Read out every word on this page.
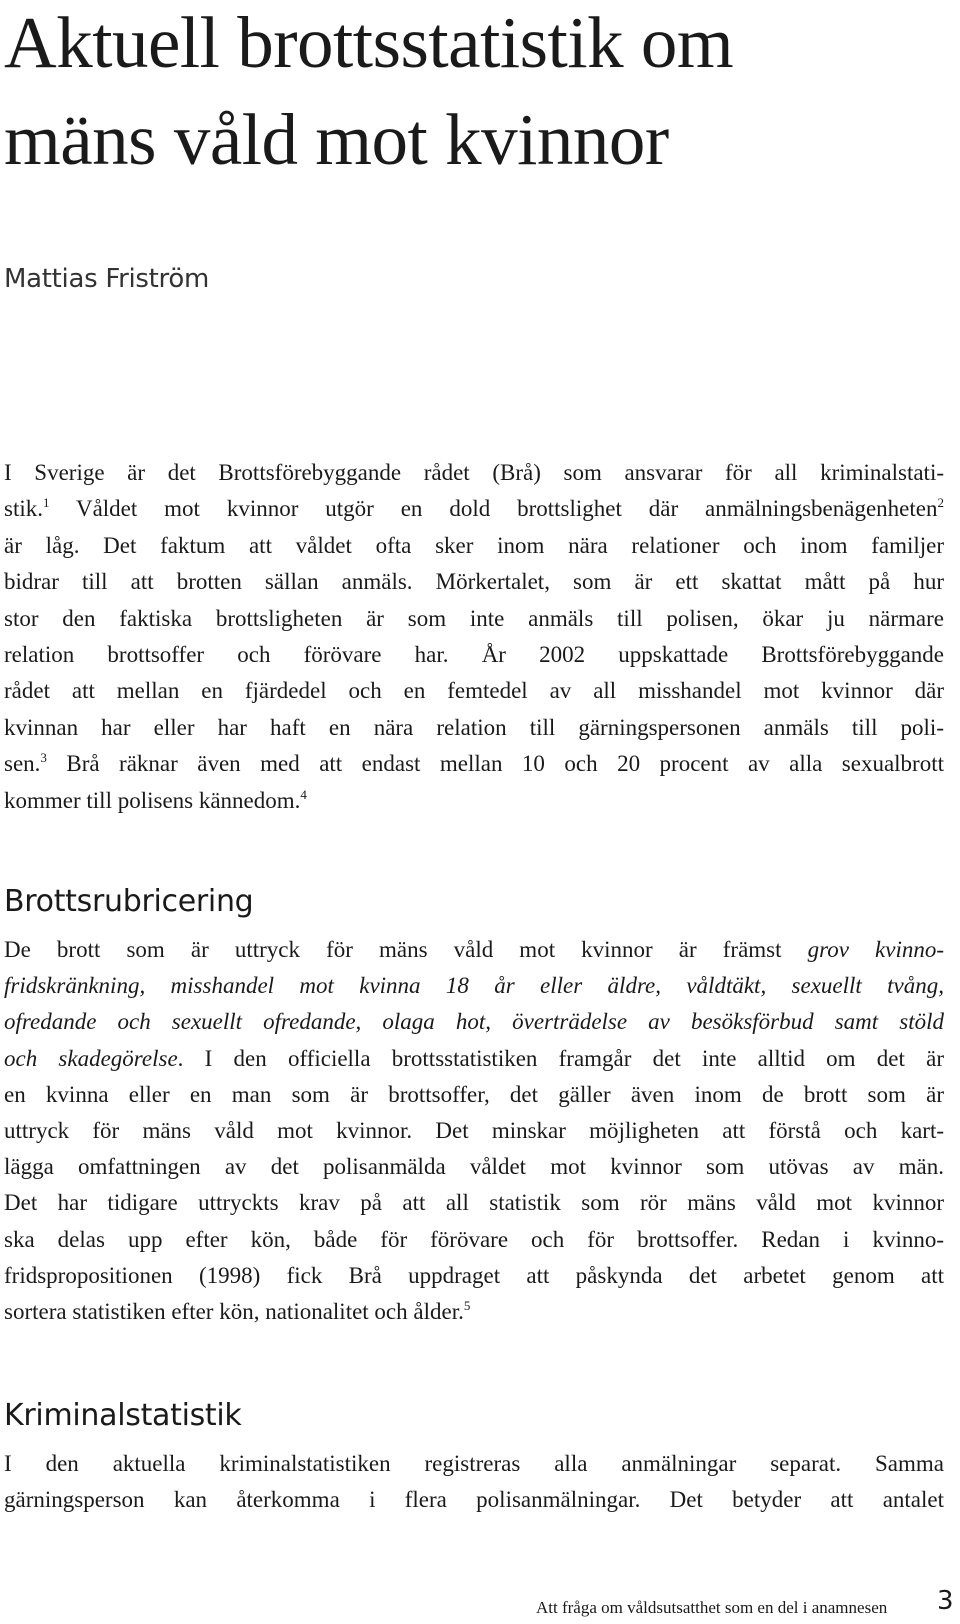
Aktuell brottsstatistik om
mäns våld mot kvinnor

Mattias Friström

I Sverige är det Brottsförebyggande rådet (Brå) som ansvarar för all kriminalstati-
stik.$^1$ Våldet mot kvinnor utgör en dold brottslighet där anmälningsbenägenheten$^2$
är låg. Det faktum att våldet ofta sker inom nära relationer och inom familjer
bidrar till att brotten sällan anmäls. Mörkertalet, som är ett skattat mått på hur
stor den faktiska brottsligheten är som inte anmäls till polisen, ökar ju närmare
relation brottsoffer och förövare har. År 2002 uppskattade Brottsförebyggande
rådet att mellan en fjärdedel och en femtedel av all misshandel mot kvinnor där
kvinnan har eller har haft en nära relation till gärningspersonen anmäls till poli-
sen.$^3$ Brå räknar även med att endast mellan 10 och 20 procent av alla sexualbrott
kommer till polisens kännedom.$^4$
Brottsrubricering
De brott som är uttryck för mäns våld mot kvinnor är främst grov kvinno-
fridskränkning, misshandel mot kvinna 18 år eller äldre, våldtäkt, sexuellt tvång,
ofredande och sexuellt ofredande, olaga hot, överträdelse av besöksförbud samt stöld
och skadegörelse. I den officiella brottsstatistiken framgår det inte alltid om det är
en kvinna eller en man som är brottsoffer, det gäller även inom de brott som är
uttryck för mäns våld mot kvinnor. Det minskar möjligheten att förstå och kart-
lägga omfattningen av det polisanmälda våldet mot kvinnor som utövas av män.
Det har tidigare uttryckts krav på att all statistik som rör mäns våld mot kvinnor
ska delas upp efter kön, både för förövare och för brottsoffer. Redan i kvinno-
fridspropositionen (1998) fick Brå uppdraget att påskynda det arbetet genom att
sortera statistiken efter kön, nationalitet och ålder.$^5$
Kriminalstatistik
I den aktuella kriminalstatistiken registreras alla anmälningar separat. Samma
gärningsperson kan återkomma i flera polisanmälningar. Det betyder att antalet
Att fråga om våldsutsatthet som en del i anamnesen 3
